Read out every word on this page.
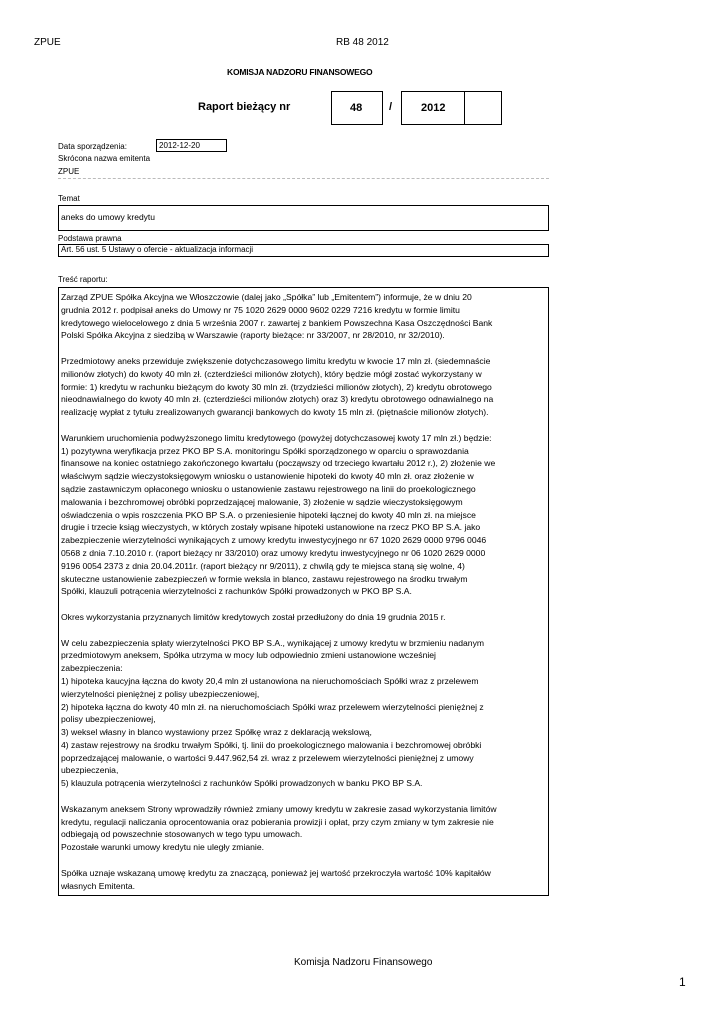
ZPUE	RB 48 2012
KOMISJA NADZORU FINANSOWEGO
Raport bieżący nr	48 /	2012
Data sporządzenia:	2012-12-20
Skrócona nazwa emitenta
ZPUE
Temat
aneks do umowy kredytu
Podstawa prawna
Art. 56 ust. 5 Ustawy o ofercie - aktualizacja informacji
Treść raportu:

Zarząd ZPUE Spółka Akcyjna we Włoszczowie (dalej jako „Spółka” lub „Emitentem”) informuje, że w dniu 20
grudnia 2012 r. podpisał aneks do Umowy nr 75 1020 2629 0000 9602 0229 7216 kredytu w formie limitu
kredytowego wielocelowego z dnia 5 września 2007 r. zawartej z bankiem Powszechna Kasa Oszczędności Bank
Polski Spółka Akcyjna z siedzibą w Warszawie (raporty bieżące: nr 33/2007, nr 28/2010, nr 32/2010).

Przedmiotowy aneks przewiduje zwiększenie dotychczasowego limitu kredytu w kwocie 17 mln zł. (siedemnaście
milionów złotych) do kwoty 40 mln zł. (czterdzieści milionów złotych), który będzie mógł zostać wykorzystany w
formie: 1) kredytu w rachunku bieżącym do kwoty 30 mln zł. (trzydzieści milionów złotych), 2) kredytu obrotowego
nieodnawialnego do kwoty 40 mln zł. (czterdzieści milionów złotych) oraz 3) kredytu obrotowego odnawialnego na
realizację wypłat z tytułu zrealizowanych gwarancji bankowych do kwoty 15 mln zł. (piętnaście milionów złotych).

Warunkiem uruchomienia podwyższonego limitu kredytowego (powyżej dotychczasowej kwoty 17 mln zł.) będzie:
1) pozytywna weryfikacja przez PKO BP S.A. monitoringu Spółki sporządzonego w oparciu o sprawozdania
finansowe na koniec ostatniego zakończonego kwartału (począwszy od trzeciego kwartału 2012 r.), 2) złożenie we
właściwym sądzie wieczystoksięgowym wniosku o ustanowienie hipoteki do kwoty 40 mln zł. oraz złożenie w
sądzie zastawniczym opłaconego wniosku o ustanowienie zastawu rejestrowego na linii do proekologicznego
malowania i bezchromowej obróbki poprzedzającej malowanie, 3) złożenie w sądzie wieczystoksięgowym
oświadczenia o wpis roszczenia PKO BP S.A. o przeniesienie hipoteki łącznej do kwoty 40 mln zł. na miejsce
drugie i trzecie ksiąg wieczystych, w których zostały wpisane hipoteki ustanowione na rzecz PKO BP S.A. jako
zabezpieczenie wierzytelności wynikających z umowy kredytu inwestycyjnego nr 67 1020 2629 0000 9796 0046
0568 z dnia 7.10.2010 r. (raport bieżący nr 33/2010) oraz umowy kredytu inwestycyjnego nr 06 1020 2629 0000
9196 0054 2373 z dnia 20.04.2011r. (raport bieżący nr 9/2011), z chwilą gdy te miejsca staną się wolne, 4)
skuteczne ustanowienie zabezpieczeń w formie weksla in blanco, zastawu rejestrowego na środku trwałym
Spółki, klauzuli potrącenia wierzytelności z rachunków Spółki prowadzonych w PKO BP S.A.

Okres wykorzystania przyznanych limitów kredytowych został przedłużony do dnia 19 grudnia 2015 r.

W celu zabezpieczenia spłaty wierzytelności PKO BP S.A., wynikającej z umowy kredytu w brzmieniu nadanym
przedmiotowym aneksem, Spółka utrzyma w mocy lub odpowiednio zmieni ustanowione wcześniej
zabezpieczenia:
1) hipoteka kaucyjna łączna do kwoty 20,4 mln zł ustanowiona na nieruchomościach Spółki wraz z przelewem
wierzytelności pieniężnej z polisy ubezpieczeniowej,
2) hipoteka łączna do kwoty 40 mln zł. na nieruchomościach Spółki wraz przelewem wierzytelności pieniężnej z
polisy ubezpieczeniowej,
3) weksel własny in blanco wystawiony przez Spółkę wraz z deklaracją wekslową,
4) zastaw rejestrowy na środku trwałym Spółki, tj. linii do proekologicznego malowania i bezchromowej obróbki
poprzedzającej malowanie, o wartości 9.447.962,54 zł. wraz z przelewem wierzytelności pieniężnej z umowy
ubezpieczenia,
5) klauzula potrącenia wierzytelności z rachunków Spółki prowadzonych w banku PKO BP S.A.

Wskazanym aneksem Strony wprowadziły również zmiany umowy kredytu w zakresie zasad wykorzystania limitów
kredytu, regulacji naliczania oprocentowania oraz pobierania prowizji i opłat, przy czym zmiany w tym zakresie nie
odbiegają od powszechnie stosowanych w tego typu umowach.
Pozostałe warunki umowy kredytu nie uległy zmianie.

Spółka uznaje wskazaną umowę kredytu za znaczącą, ponieważ jej wartość przekroczyła wartość 10% kapitałów
własnych Emitenta.

Komisja Nadzoru Finansowego
1
